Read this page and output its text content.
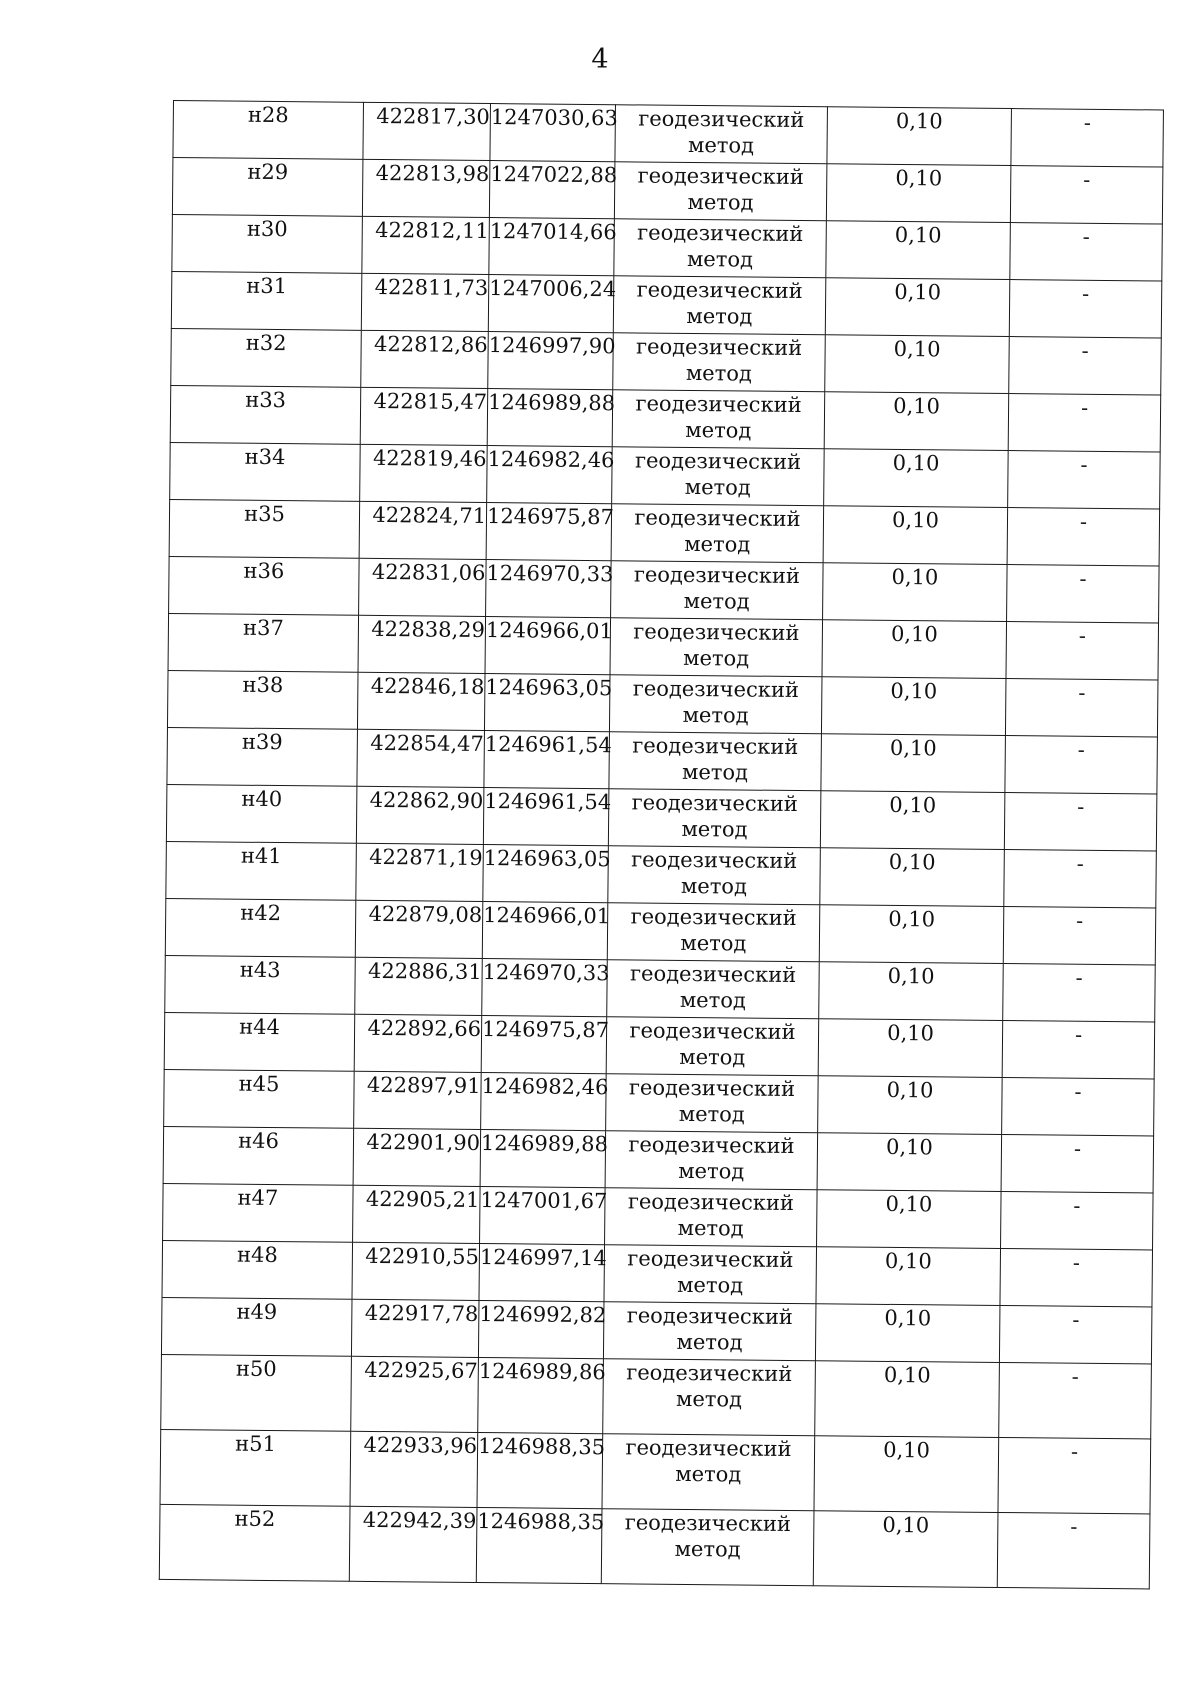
4
н28	422817,30	1247030,63	геодезический
метод	0,10	-
н29	422813,98	1247022,88	геодезический
метод	0,10	-
н30	422812,11	1247014,66	геодезический
метод	0,10	-
н31	422811,73	1247006,24	геодезический
метод	0,10	-
н32	422812,86	1246997,90	геодезический
метод	0,10	-
н33	422815,47	1246989,88	геодезический
метод	0,10	-
н34	422819,46	1246982,46	геодезический
метод	0,10	-
н35	422824,71	1246975,87	геодезический
метод	0,10	-
н36	422831,06	1246970,33	геодезический
метод	0,10	-
н37	422838,29	1246966,01	геодезический
метод	0,10	-
н38	422846,18	1246963,05	геодезический
метод	0,10	-
н39	422854,47	1246961,54	геодезический
метод	0,10	-
н40	422862,90	1246961,54	геодезический
метод	0,10	-
н41	422871,19	1246963,05	геодезический
метод	0,10	-
н42	422879,08	1246966,01	геодезический
метод	0,10	-
н43	422886,31	1246970,33	геодезический
метод	0,10	-
н44	422892,66	1246975,87	геодезический
метод	0,10	-
н45	422897,91	1246982,46	геодезический
метод	0,10	-
н46	422901,90	1246989,88	геодезический
метод	0,10	-
н47	422905,21	1247001,67	геодезический
метод	0,10	-
н48	422910,55	1246997,14	геодезический
метод	0,10	-
н49	422917,78	1246992,82	геодезический
метод	0,10	-
н50	422925,67	1246989,86	геодезический
метод	0,10	-
н51	422933,96	1246988,35	геодезический
метод	0,10	-
н52	422942,39	1246988,35	геодезический
метод	0,10	-
